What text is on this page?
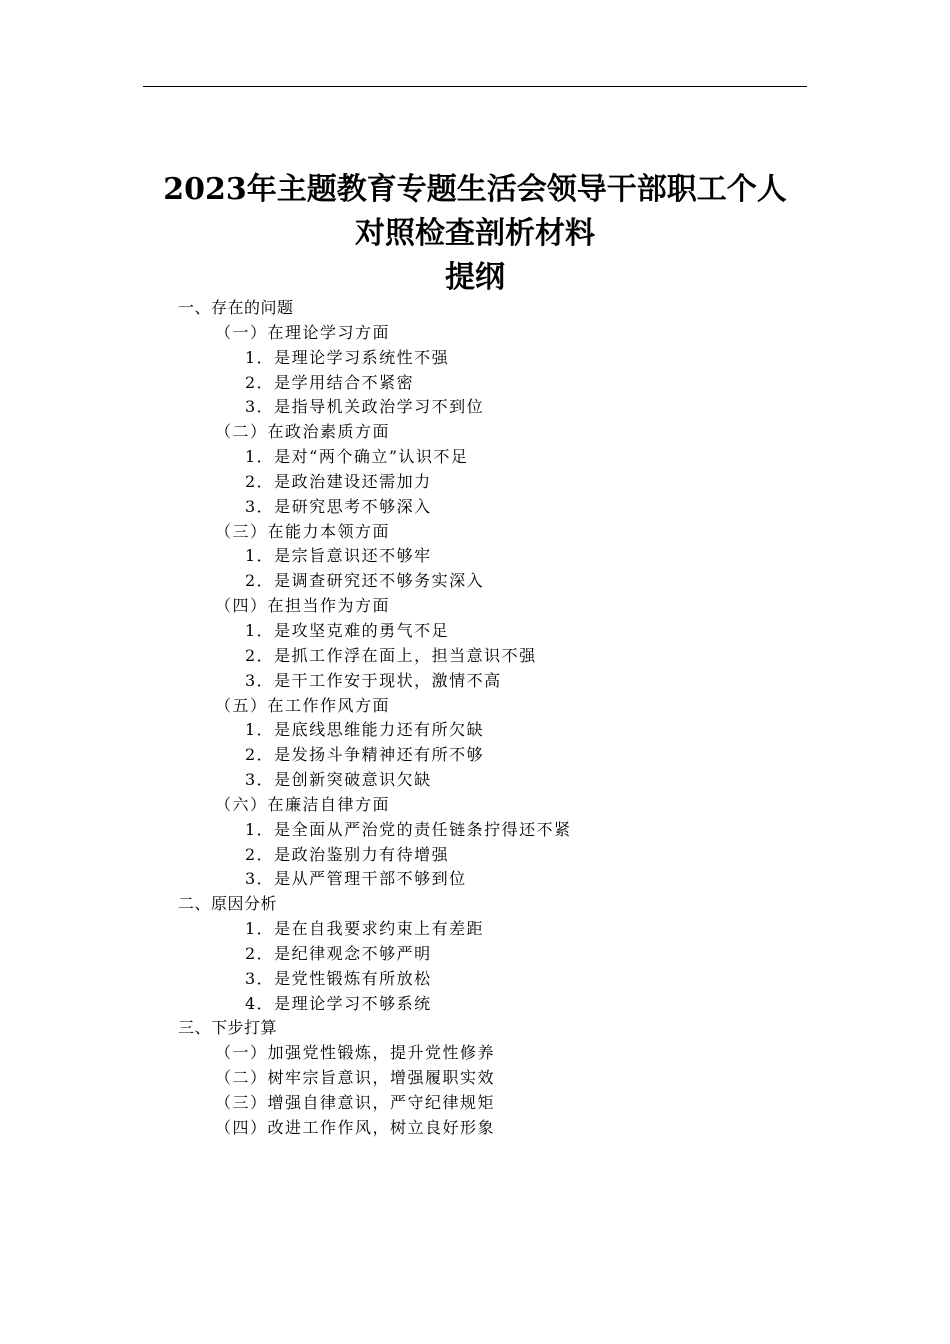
2023年主题教育专题生活会领导干部职工个人
对照检查剖析材料
提纲
一、存在的问题
（一）在理论学习方面
1．是理论学习系统性不强
2．是学用结合不紧密
3．是指导机关政治学习不到位
（二）在政治素质方面
1．是对“两个确立”认识不足
2．是政治建设还需加力
3．是研究思考不够深入
（三）在能力本领方面
1．是宗旨意识还不够牢
2．是调查研究还不够务实深入
（四）在担当作为方面
1．是攻坚克难的勇气不足
2．是抓工作浮在面上，担当意识不强
3．是干工作安于现状，激情不高
（五）在工作作风方面
1．是底线思维能力还有所欠缺
2．是发扬斗争精神还有所不够
3．是创新突破意识欠缺
（六）在廉洁自律方面
1．是全面从严治党的责任链条拧得还不紧
2．是政治鉴别力有待增强
3．是从严管理干部不够到位
二、原因分析
1．是在自我要求约束上有差距
2．是纪律观念不够严明
3．是党性锻炼有所放松
4．是理论学习不够系统
三、下步打算
（一）加强党性锻炼，提升党性修养
（二）树牢宗旨意识，增强履职实效
（三）增强自律意识，严守纪律规矩
（四）改进工作作风，树立良好形象
